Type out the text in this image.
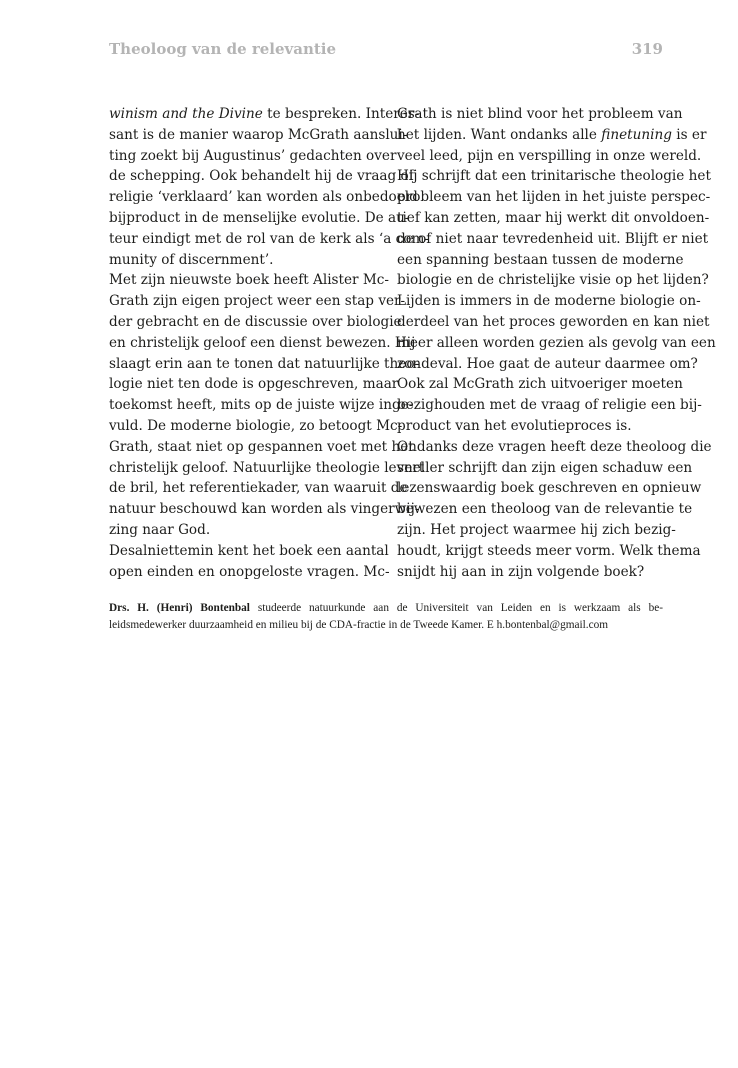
Theoloog van de relevantie	319
winism and the Divine te bespreken. Interes-
sant is de manier waarop McGrath aanslui-
ting zoekt bij Augustinus’ gedachten over
de schepping. Ook behandelt hij de vraag of
religie ‘verklaard’ kan worden als onbedoeld
bijproduct in de menselijke evolutie. De au-
teur eindigt met de rol van de kerk als ‘a com-
munity of discernment’.
Met zijn nieuwste boek heeft Alister Mc-
Grath zijn eigen project weer een stap ver-
der gebracht en de discussie over biologie
en christelijk geloof een dienst bewezen. Hij
slaagt erin aan te tonen dat natuurlijke theo-
logie niet ten dode is opgeschreven, maar
toekomst heeft, mits op de juiste wijze inge-
vuld. De moderne biologie, zo betoogt Mc-
Grath, staat niet op gespannen voet met het
christelijk geloof. Natuurlijke theologie levert
de bril, het referentiekader, van waaruit de
natuur beschouwd kan worden als vingerwij-
zing naar God.
Desalniettemin kent het boek een aantal
open einden en onopgeloste vragen. Mc-
Grath is niet blind voor het probleem van
het lijden. Want ondanks alle finetuning is er
veel leed, pijn en verspilling in onze wereld.
Hij schrijft dat een trinitarische theologie het
probleem van het lijden in het juiste perspec-
tief kan zetten, maar hij werkt dit onvoldoen-
de of niet naar tevredenheid uit. Blijft er niet
een spanning bestaan tussen de moderne
biologie en de christelijke visie op het lijden?
Lijden is immers in de moderne biologie on-
derdeel van het proces geworden en kan niet
meer alleen worden gezien als gevolg van een
zondeval. Hoe gaat de auteur daarmee om?
Ook zal McGrath zich uitvoeriger moeten
bezighouden met de vraag of religie een bij-
product van het evolutieproces is.
Ondanks deze vragen heeft deze theoloog die
sneller schrijft dan zijn eigen schaduw een
lezenswaardig boek geschreven en opnieuw
bewezen een theoloog van de relevantie te
zijn. Het project waarmee hij zich bezig-
houdt, krijgt steeds meer vorm. Welk thema
snijdt hij aan in zijn volgende boek?
Drs. H. (Henri) Bontenbal studeerde natuurkunde aan de Universiteit van Leiden en is werkzaam als be-
leidsmedewerker duurzaamheid en milieu bij de CDA-fractie in de Tweede Kamer. E h.bontenbal@gmail.com
